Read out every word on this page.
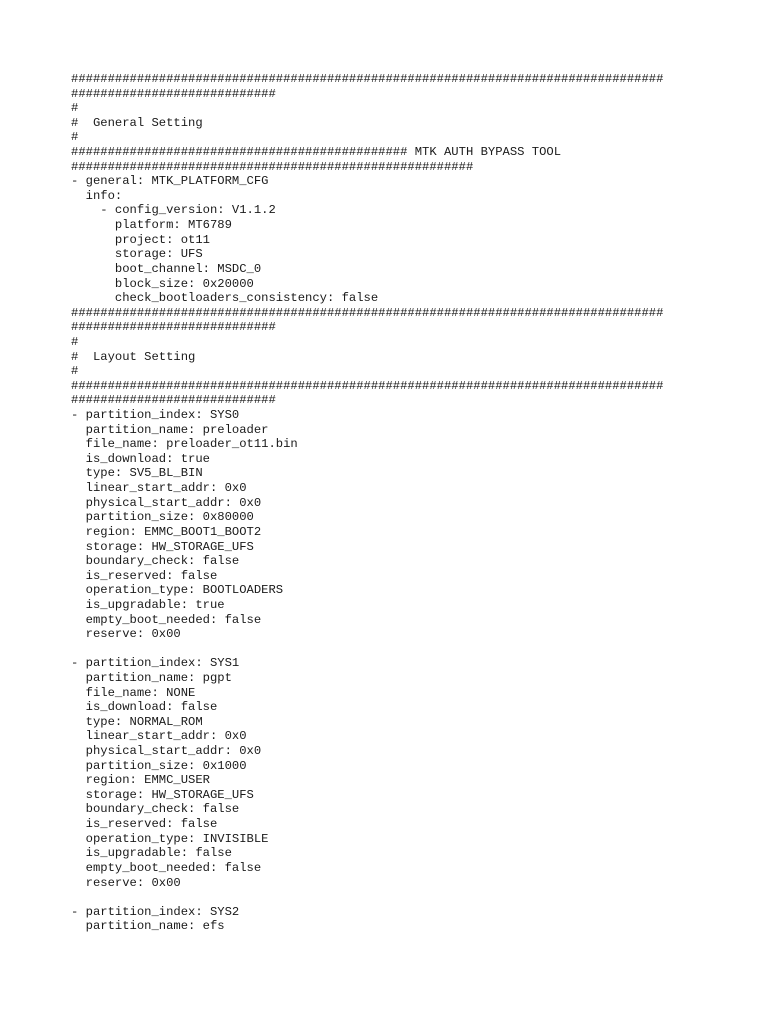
#################################################################################
############################
#
#  General Setting
#
############################################## MTK AUTH BYPASS TOOL
#######################################################
- general: MTK_PLATFORM_CFG
info:
- config_version: V1.1.2
platform: MT6789
project: ot11
storage: UFS
boot_channel: MSDC_0
block_size: 0x20000
check_bootloaders_consistency: false
#################################################################################
############################
#
#  Layout Setting
#
#################################################################################
############################
- partition_index: SYS0
partition_name: preloader
file_name: preloader_ot11.bin
is_download: true
type: SV5_BL_BIN
linear_start_addr: 0x0
physical_start_addr: 0x0
partition_size: 0x80000
region: EMMC_BOOT1_BOOT2
storage: HW_STORAGE_UFS
boundary_check: false
is_reserved: false
operation_type: BOOTLOADERS
is_upgradable: true
empty_boot_needed: false
reserve: 0x00
- partition_index: SYS1
partition_name: pgpt
file_name: NONE
is_download: false
type: NORMAL_ROM
linear_start_addr: 0x0
physical_start_addr: 0x0
partition_size: 0x1000
region: EMMC_USER
storage: HW_STORAGE_UFS
boundary_check: false
is_reserved: false
operation_type: INVISIBLE
is_upgradable: false
empty_boot_needed: false
reserve: 0x00
- partition_index: SYS2
partition_name: efs
